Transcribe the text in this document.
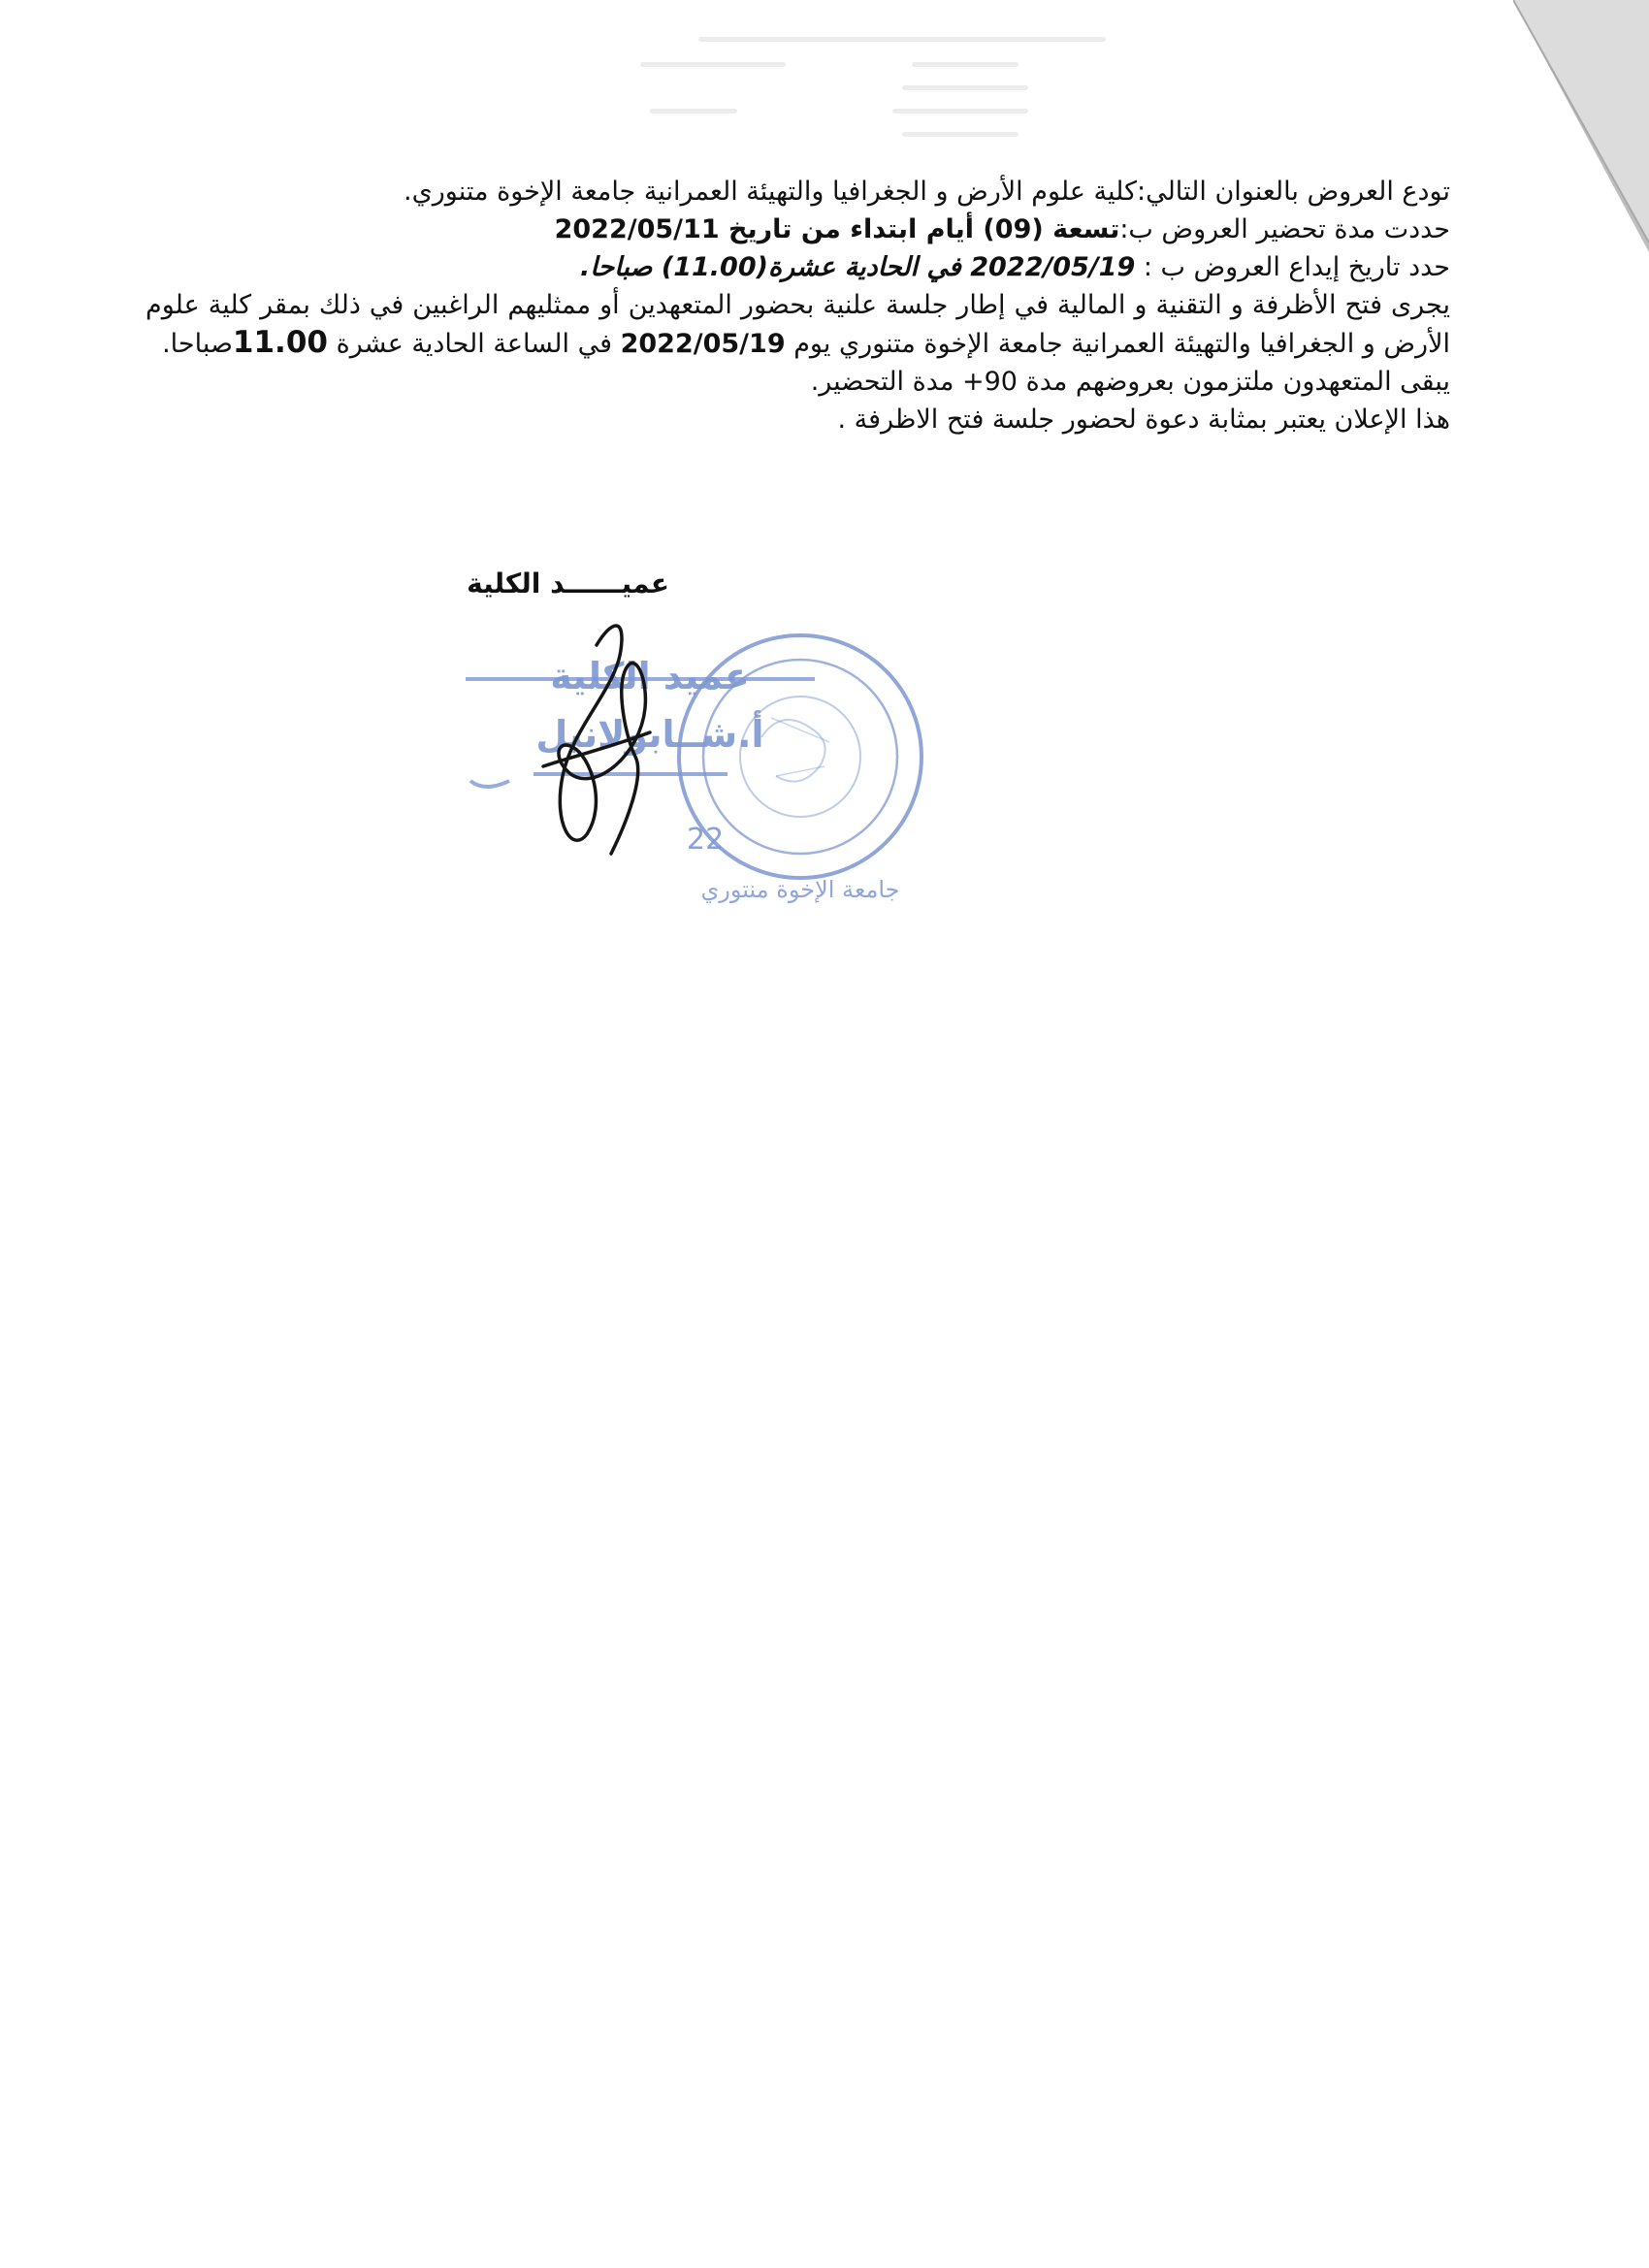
تودع العروض بالعنوان التالي:كلية علوم الأرض و الجغرافيا والتهيئة العمرانية جامعة الإخوة متنوري.

حددت مدة تحضير العروض ب:تسعة (09) أيام ابتداء من تاريخ 2022/05/11

حدد تاريخ إيداع العروض ب : 2022/05/19 في الحادية عشرة(11.00) صباحا.

يجرى فتح الأظرفة و التقنية و المالية في إطار جلسة علنية بحضور المتعهدين أو ممثليهم الراغبين في ذلك بمقر كلية علوم الأرض و الجغرافيا والتهيئة العمرانية جامعة الإخوة متنوري يوم 2022/05/19 في الساعة الحادية عشرة 11.00صباحا.

يبقى المتعهدون ملتزمون بعروضهم مدة 90+ مدة التحضير.

هذا الإعلان يعتبر بمثابة دعوة لحضور جلسة فتح الاظرفة .

عميــــــد الكلية
22
جامعة الإخوة منتوري
عميد الكلية
أ.شــابولانيل
